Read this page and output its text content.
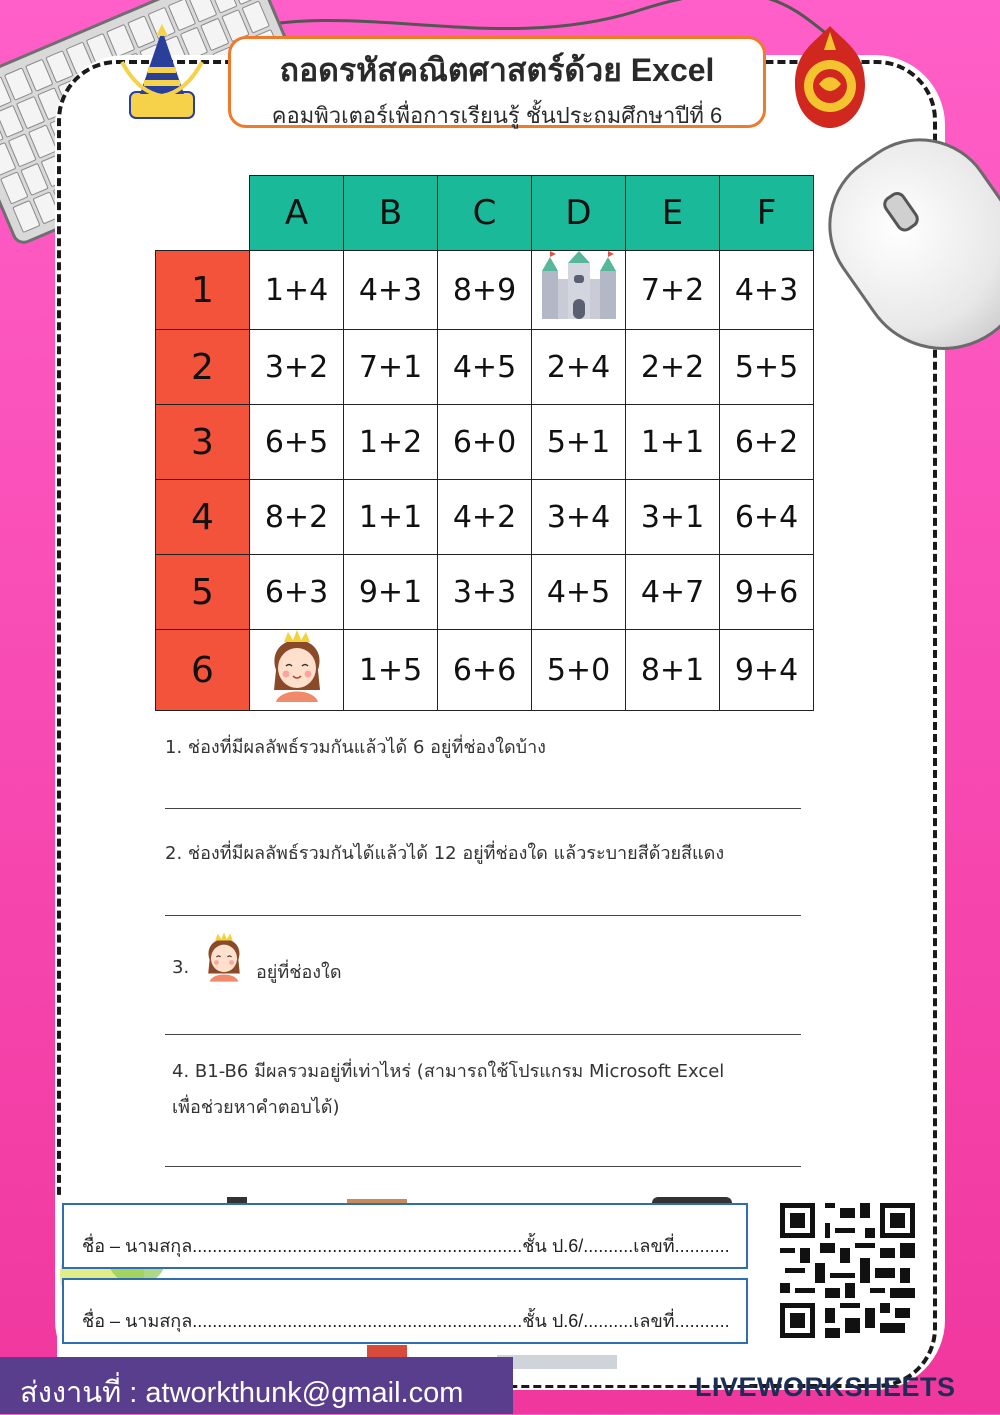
ถอดรหัสคณิตศาสตร์ด้วย Excel
คอมพิวเตอร์เพื่อการเรียนรู้ ชั้นประถมศึกษาปีที่ 6
	A	B	C	D	E	F
1	1+4	4+3	8+9		7+2	4+3
2	3+2	7+1	4+5	2+4	2+2	5+5
3	6+5	1+2	6+0	5+1	1+1	6+2
4	8+2	1+1	4+2	3+4	3+1	6+4
5	6+3	9+1	3+3	4+5	4+7	9+6
6		1+5	6+6	5+0	8+1	9+4
1. ช่องที่มีผลลัพธ์รวมกันแล้วได้ 6 อยู่ที่ช่องใดบ้าง
2. ช่องที่มีผลลัพธ์รวมกันได้แล้วได้ 12 อยู่ที่ช่องใด แล้วระบายสีด้วยสีแดง
3.	อยู่ที่ช่องใด
4. B1-B6 มีผลรวมอยู่ที่เท่าไหร่ (สามารถใช้โปรแกรม Microsoft Excel
เพื่อช่วยหาคำตอบได้)
ชื่อ – นามสกุล..................................................................ชั้น ป.6/..........เลขที่...........
ชื่อ – นามสกุล..................................................................ชั้น ป.6/..........เลขที่...........
ส่งงานที่ : atworkthunk@gmail.com	LIVEWORKSHEETS
